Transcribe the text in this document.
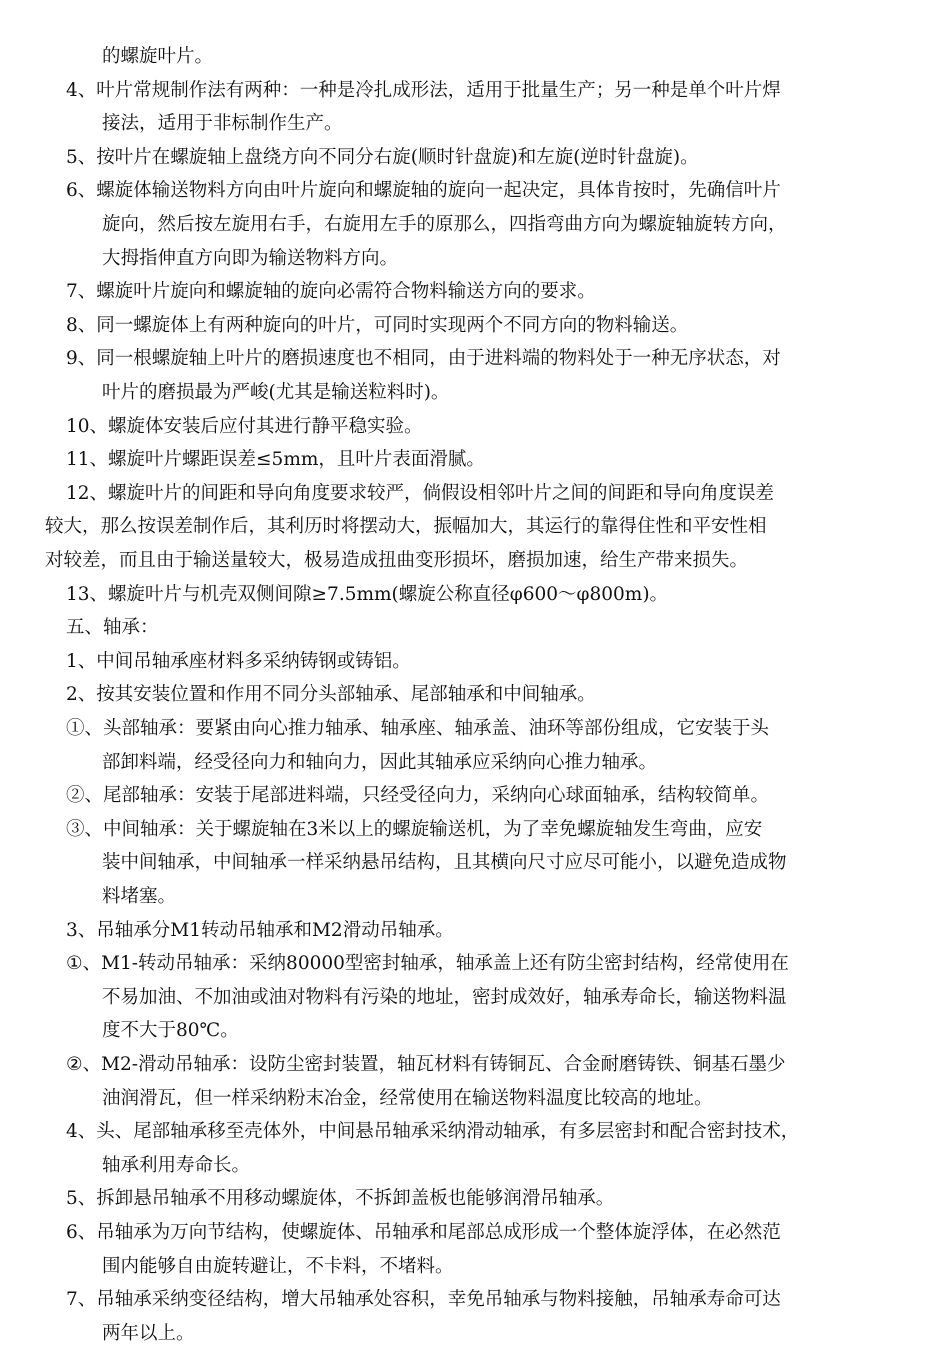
的螺旋叶片。
4、叶片常规制作法有两种：一种是冷扎成形法，适用于批量生产；另一种是单个叶片焊
接法，适用于非标制作生产。
5、按叶片在螺旋轴上盘绕方向不同分右旋(顺时针盘旋)和左旋(逆时针盘旋)。
6、螺旋体输送物料方向由叶片旋向和螺旋轴的旋向一起决定，具体肯按时，先确信叶片
旋向，然后按左旋用右手，右旋用左手的原那么，四指弯曲方向为螺旋轴旋转方向，
大拇指伸直方向即为输送物料方向。
7、螺旋叶片旋向和螺旋轴的旋向必需符合物料输送方向的要求。
8、同一螺旋体上有两种旋向的叶片，可同时实现两个不同方向的物料输送。
9、同一根螺旋轴上叶片的磨损速度也不相同，由于进料端的物料处于一种无序状态，对
叶片的磨损最为严峻(尤其是输送粒料时)。
10、螺旋体安装后应付其进行静平稳实验。
11、螺旋叶片螺距误差≤5mm，且叶片表面滑腻。
12、螺旋叶片的间距和导向角度要求较严，倘假设相邻叶片之间的间距和导向角度误差
较大，那么按误差制作后，其利历时将摆动大，振幅加大，其运行的靠得住性和平安性相
对较差，而且由于输送量较大，极易造成扭曲变形损坏，磨损加速，给生产带来损失。
13、螺旋叶片与机壳双侧间隙≥7.5mm(螺旋公称直径φ600～φ800m)。
五、轴承：
1、中间吊轴承座材料多采纳铸钢或铸铝。
2、按其安装位置和作用不同分头部轴承、尾部轴承和中间轴承。
①、头部轴承：要紧由向心推力轴承、轴承座、轴承盖、油环等部份组成，它安装于头
部卸料端，经受径向力和轴向力，因此其轴承应采纳向心推力轴承。
②、尾部轴承：安装于尾部进料端，只经受径向力，采纳向心球面轴承，结构较简单。
③、中间轴承：关于螺旋轴在3米以上的螺旋输送机，为了幸免螺旋轴发生弯曲，应安
装中间轴承，中间轴承一样采纳悬吊结构，且其横向尺寸应尽可能小，以避免造成物
料堵塞。
3、吊轴承分M1转动吊轴承和M2滑动吊轴承。
①、M1-转动吊轴承：采纳80000型密封轴承，轴承盖上还有防尘密封结构，经常使用在
不易加油、不加油或油对物料有污染的地址，密封成效好，轴承寿命长，输送物料温
度不大于80℃。
②、M2-滑动吊轴承：设防尘密封装置，轴瓦材料有铸铜瓦、合金耐磨铸铁、铜基石墨少
油润滑瓦，但一样采纳粉末冶金，经常使用在输送物料温度比较高的地址。
4、头、尾部轴承移至壳体外，中间悬吊轴承采纳滑动轴承，有多层密封和配合密封技术，
轴承利用寿命长。
5、拆卸悬吊轴承不用移动螺旋体，不拆卸盖板也能够润滑吊轴承。
6、吊轴承为万向节结构，使螺旋体、吊轴承和尾部总成形成一个整体旋浮体，在必然范
围内能够自由旋转避让，不卡料，不堵料。
7、吊轴承采纳变径结构，增大吊轴承处容积，幸免吊轴承与物料接触，吊轴承寿命可达
两年以上。
